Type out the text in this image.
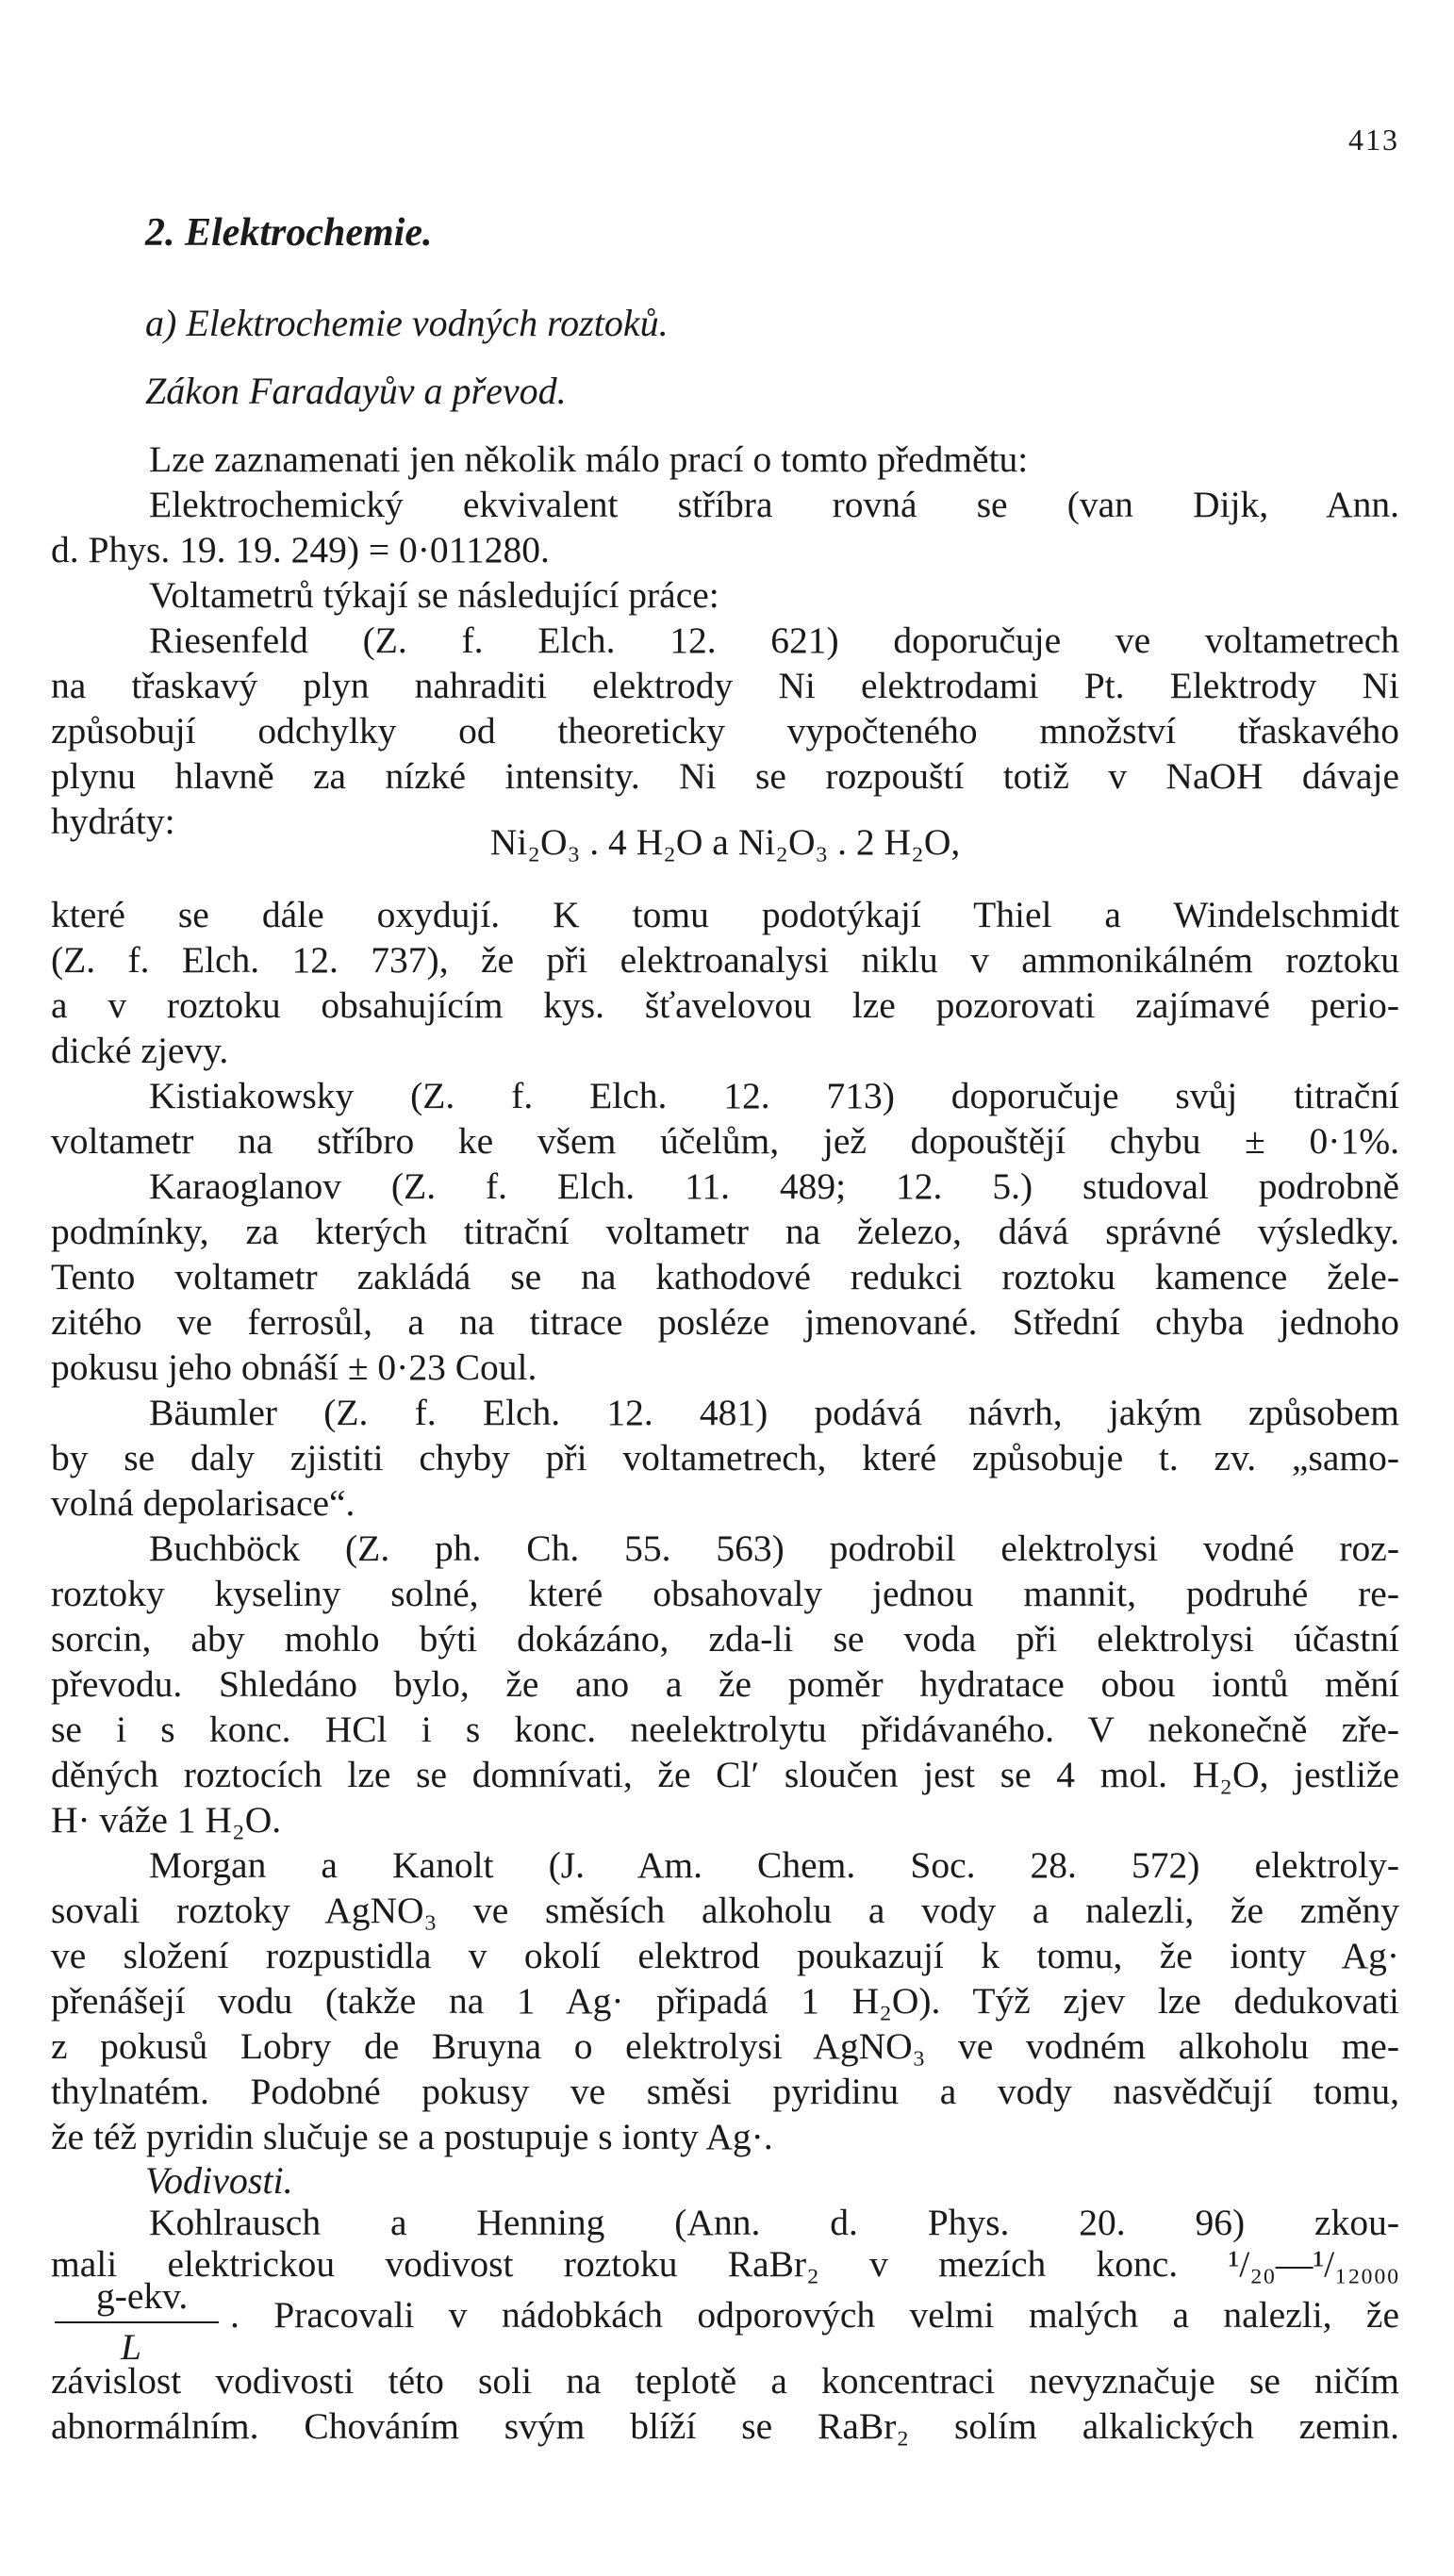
413
2. Elektrochemie.
a) Elektrochemie vodných roztoků.
Zákon Faradayův a převod.
Lze zaznamenati jen několik málo prací o tomto předmětu:
Elektrochemický ekvivalent stříbra rovná se (van Dijk, Ann.
d. Phys. 19. 19. 249) = 0·011280.
Voltametrů týkají se následující práce:
Riesenfeld (Z. f. Elch. 12. 621) doporučuje ve voltametrech
na třaskavý plyn nahraditi elektrody Ni elektrodami Pt. Elektrody Ni
způsobují odchylky od theoreticky vypočteného množství třaskavého
plynu hlavně za nízké intensity. Ni se rozpouští totiž v NaOH dávaje
hydráty:	Ni₂O₃ . 4 H₂O a Ni₂O₃ . 2 H₂O,
které se dále oxydují. K tomu podotýkají Thiel a Windelschmidt
(Z. f. Elch. 12. 737), že při elektroanalysi niklu v ammonikálném roztoku
a v roztoku obsahujícím kys. šťavelovou lze pozorovati zajímavé perio-
dické zjevy.
Kistiakowsky (Z. f. Elch. 12. 713) doporučuje svůj titrační
voltametr na stříbro ke všem účelům, jež dopouštějí chybu ± 0·1%.
Karaoglanov (Z. f. Elch. 11. 489; 12. 5.) studoval podrobně
podmínky, za kterých titrační voltametr na železo, dává správné výsledky.
Tento voltametr zakládá se na kathodové redukci roztoku kamence žele-
zitého ve ferrosůl, a na titrace posléze jmenované. Střední chyba jednoho
pokusu jeho obnáší ± 0·23 Coul.
Bäumler (Z. f. Elch. 12. 481) podává návrh, jakým způsobem
by se daly zjistiti chyby při voltametrech, které způsobuje t. zv. „samo-
volná depolarisace“.
Buchböck (Z. ph. Ch. 55. 563) podrobil elektrolysi vodné roz-
roztoky kyseliny solné, které obsahovaly jednou mannit, podruhé re-
sorcin, aby mohlo býti dokázáno, zda-li se voda při elektrolysi účastní
převodu. Shledáno bylo, že ano a že poměr hydratace obou iontů mění
se i s konc. HCl i s konc. neelektrolytu přidávaného. V nekonečně zřе-
děných roztocích lze se domnívati, že Cl′ sloučen jest se 4 mol. H₂O, jestliže
H· váže 1 H₂O.
Morgan a Kanolt (J. Am. Chem. Soc. 28. 572) elektroly-
sovali roztoky AgNO₃ ve směsích alkoholu a vody a nalezli, že změny
ve složení rozpustidla v okolí elektrod poukazují k tomu, že ionty Ag·
přenášejí vodu (takže na 1 Ag· připadá 1 H₂O). Týž zjev lze dedukovati
z pokusů Lobry de Bruyna o elektrolysi AgNO₃ ve vodném alkoholu me-
thylnatém. Podobné pokusy ve směsi pyridinu a vody nasvědčují tomu,
že též pyridin slučuje se a postupuje s ionty Ag·.
Vodivosti.
Kohlrausch a Henning (Ann. d. Phys. 20. 96) zkou-
mali elektrickou vodivost roztoku RaBr₂ v mezích konc. ¹/₂₀—¹/₁₂₀₀₀
g-ekv.
L
. Pracovali v nádobkách odporových velmi malých a nalezli, že
závislost vodivosti této soli na teplotě a koncentraci nevyznačuje se ničím
abnormálním. Chováním svým blíží se RaBr₂ solím alkalických zemin.
